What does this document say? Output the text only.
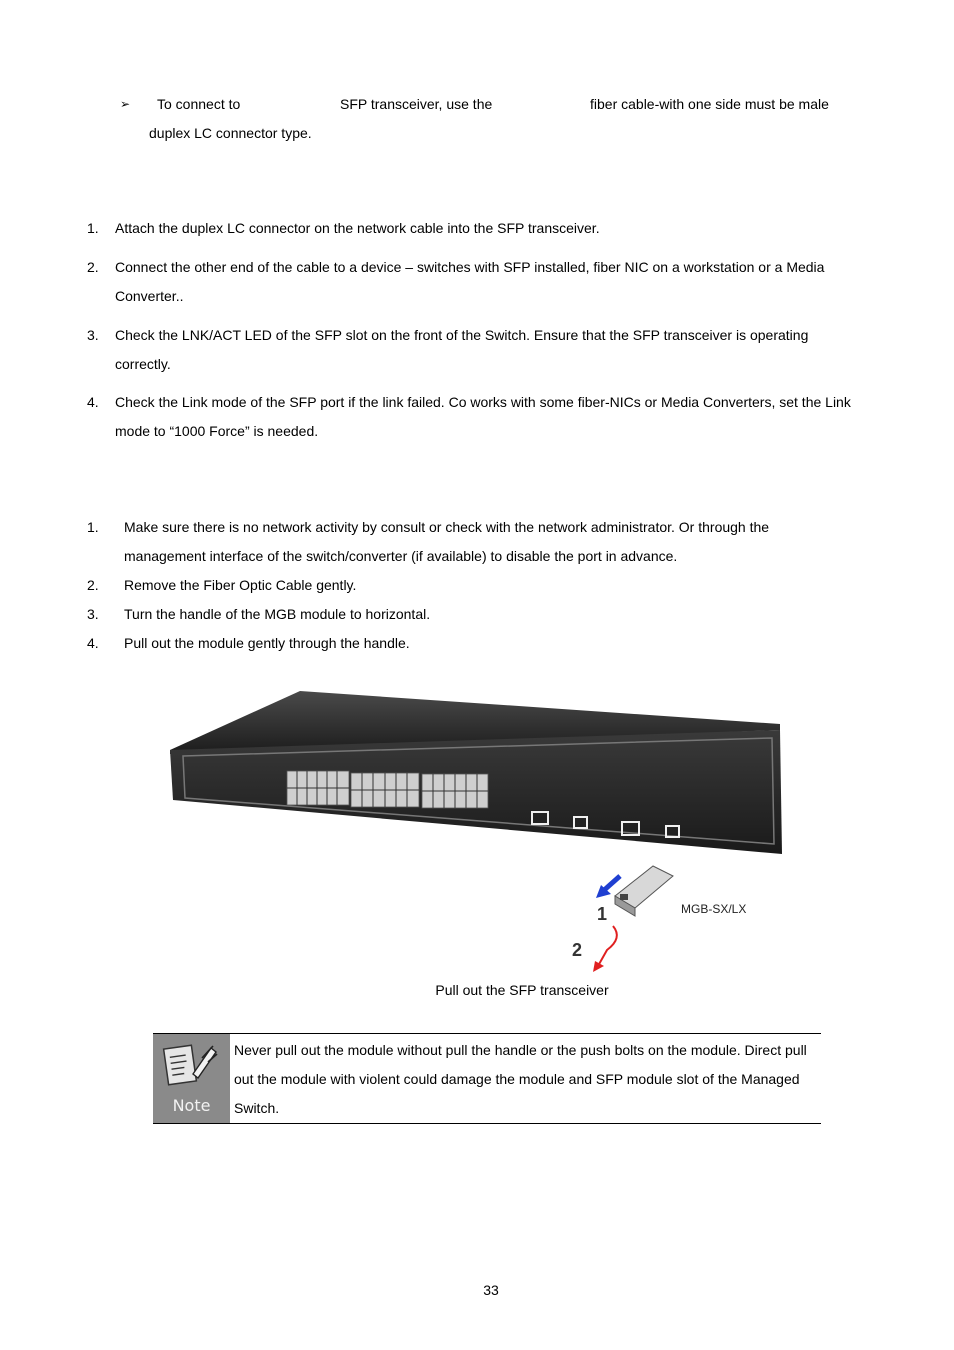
➢ To connect to	SFP transceiver, use the	fiber cable-with one side must be male
duplex LC connector type.
1. Attach the duplex LC connector on the network cable into the SFP transceiver.
2. Connect the other end of the cable to a device – switches with SFP installed, fiber NIC on a workstation or a Media
Converter..
3. Check the LNK/ACT LED of the SFP slot on the front of the Switch. Ensure that the SFP transceiver is operating
correctly.
4. Check the Link mode of the SFP port if the link failed. Co works with some fiber-NICs or Media Converters, set the Link
mode to “1000 Force” is needed.
1. Make sure there is no network activity by consult or check with the network administrator. Or through the
management interface of the switch/converter (if available) to disable the port in advance.
2. Remove the Fiber Optic Cable gently.
3. Turn the handle of the MGB module to horizontal.
4. Pull out the module gently through the handle.
1
2
MGB-SX/LX
Pull out the SFP transceiver
Note
Never pull out the module without pull the handle or the push bolts on the module. Direct pull out the module with violent could damage the module and SFP module slot of the Managed Switch.
33
